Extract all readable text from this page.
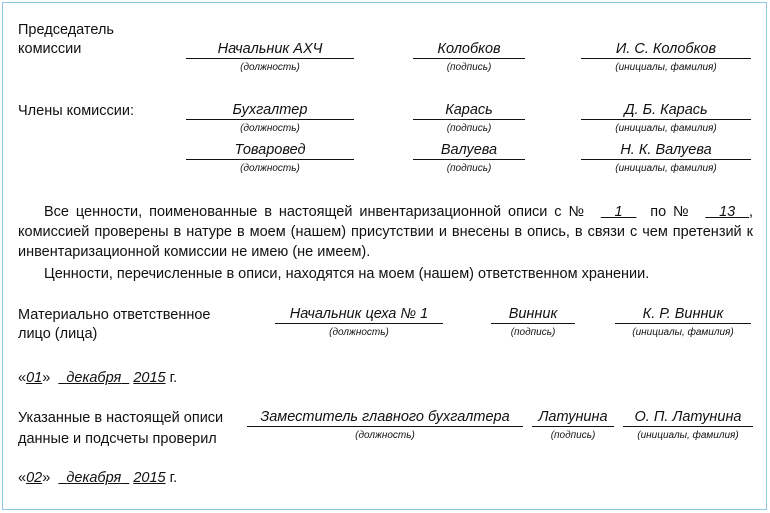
Председатель
комиссии	Начальник АХЧ
(должность)
Колобков
(подпись)
И. С. Колобков
(инициалы, фамилия)
Члены комиссии:	Бухгалтер
(должность)
Карась
(подпись)
Д. Б. Карась
(инициалы, фамилия)
Товаровед
(должность)
Валуева
(подпись)
Н. К. Валуева
(инициалы, фамилия)
Все ценности, поименованные в настоящей инвентаризационной описи с № 1 по № 13 , комиссией проверены в натуре в моем (нашем) присутствии и внесены в опись, в связи с чем претензий к инвентаризационной комиссии не имею (не имеем).
Ценности, перечисленные в описи, находятся на моем (нашем) ответственном хранении.
Материально ответственное
лицо (лица)
Начальник цеха № 1
(должность)
Винник
(подпись)
К. Р. Винник
(инициалы, фамилия)
«01» декабря 2015 г.
Указанные в настоящей описи
данные и подсчеты проверил
Заместитель главного бухгалтера
(должность)
Латунина
(подпись)
О. П. Латунина
(инициалы, фамилия)
«02» декабря 2015 г.
